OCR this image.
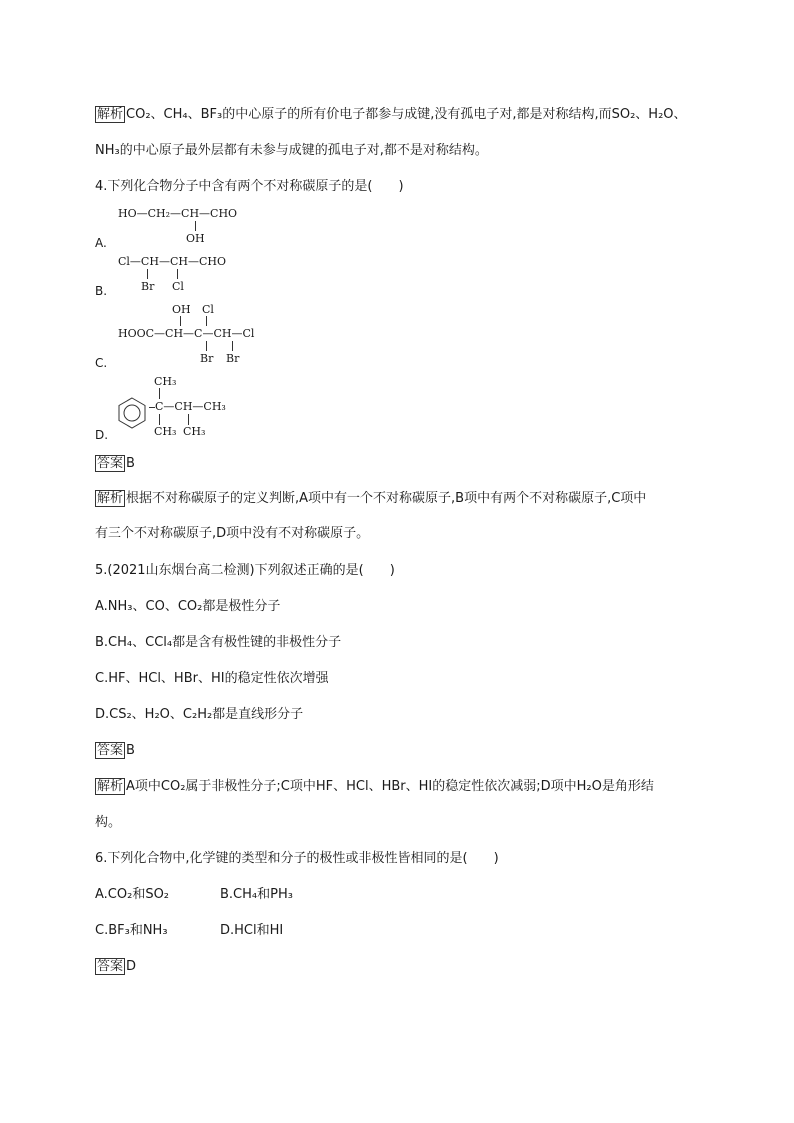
解析 CO₂、CH₄、BF₃的中心原子的所有价电子都参与成键,没有孤电子对,都是对称结构,而SO₂、H₂O、
NH₃的中心原子最外层都有未参与成键的孤电子对,都不是对称结构。
4.下列化合物分子中含有两个不对称碳原子的是(　　)
HO—CH₂—CH—CHO
OH
A.
Cl—CH—CH—CHO
Br Cl
B.
OH Cl
HOOC—CH—C—CH—Cl
Br Br
C.
CH₃
C—CH—CH₃
CH₃ CH₃
D.
答案 B
解析 根据不对称碳原子的定义判断,A项中有一个不对称碳原子,B项中有两个不对称碳原子,C项中
有三个不对称碳原子,D项中没有不对称碳原子。
5.(2021山东烟台高二检测)下列叙述正确的是(　　)
A.NH₃、CO、CO₂都是极性分子
B.CH₄、CCl₄都是含有极性键的非极性分子
C.HF、HCl、HBr、HI的稳定性依次增强
D.CS₂、H₂O、C₂H₂都是直线形分子
答案 B
解析 A项中CO₂属于非极性分子;C项中HF、HCl、HBr、HI的稳定性依次减弱;D项中H₂O是角形结
构。
6.下列化合物中,化学键的类型和分子的极性或非极性皆相同的是(　　)
A.CO₂和SO₂	B.CH₄和PH₃
C.BF₃和NH₃	D.HCl和HI
答案 D
